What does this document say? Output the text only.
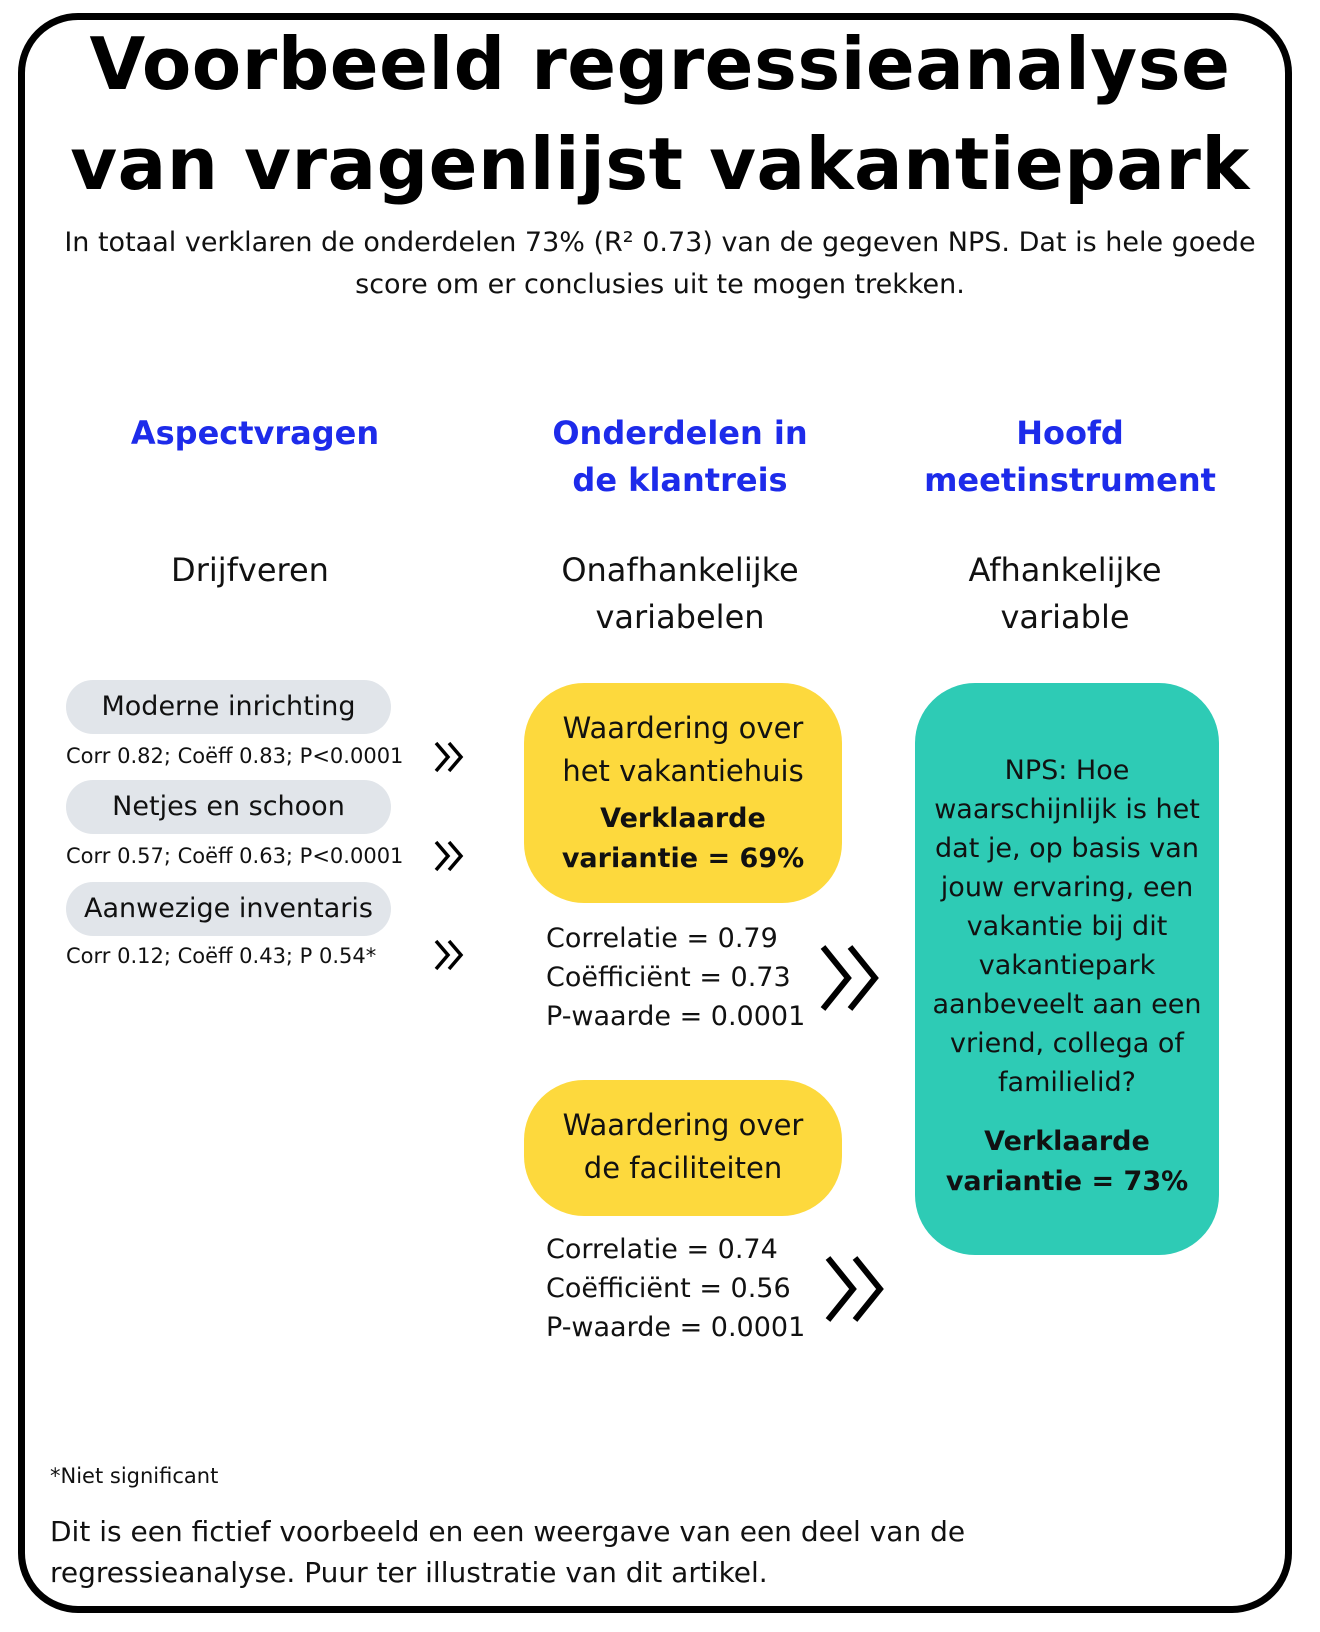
Voorbeeld regressieanalyse
van vragenlijst vakantiepark
In totaal verklaren de onderdelen 73% (R² 0.73) van de gegeven NPS. Dat is hele goede
score om er conclusies uit te mogen trekken.
Aspectvragen	Onderdelen in
de klantreis
Hoofd
meetinstrument
Drijfveren	Onafhankelijke
variabelen
Afhankelijke
variable
Moderne inrichting
Corr 0.82; Coëff 0.83; P<0.0001
Netjes en schoon
Corr 0.57; Coëff 0.63; P<0.0001
Aanwezige inventaris
Corr 0.12; Coëff 0.43; P 0.54*
Waardering over
het vakantiehuis
Verklaarde
variantie = 69%
Correlatie = 0.79
Coëfficiënt = 0.73
P-waarde = 0.0001
Waardering over
de faciliteiten
Correlatie = 0.74
Coëfficiënt = 0.56
P-waarde = 0.0001
NPS: Hoe
waarschijnlijk is het
dat je, op basis van
jouw ervaring, een
vakantie bij dit
vakantiepark
aanbeveelt aan een
vriend, collega of
familielid?
Verklaarde
variantie = 73%
*Niet significant
Dit is een fictief voorbeeld en een weergave van een deel van de
regressieanalyse. Puur ter illustratie van dit artikel.
